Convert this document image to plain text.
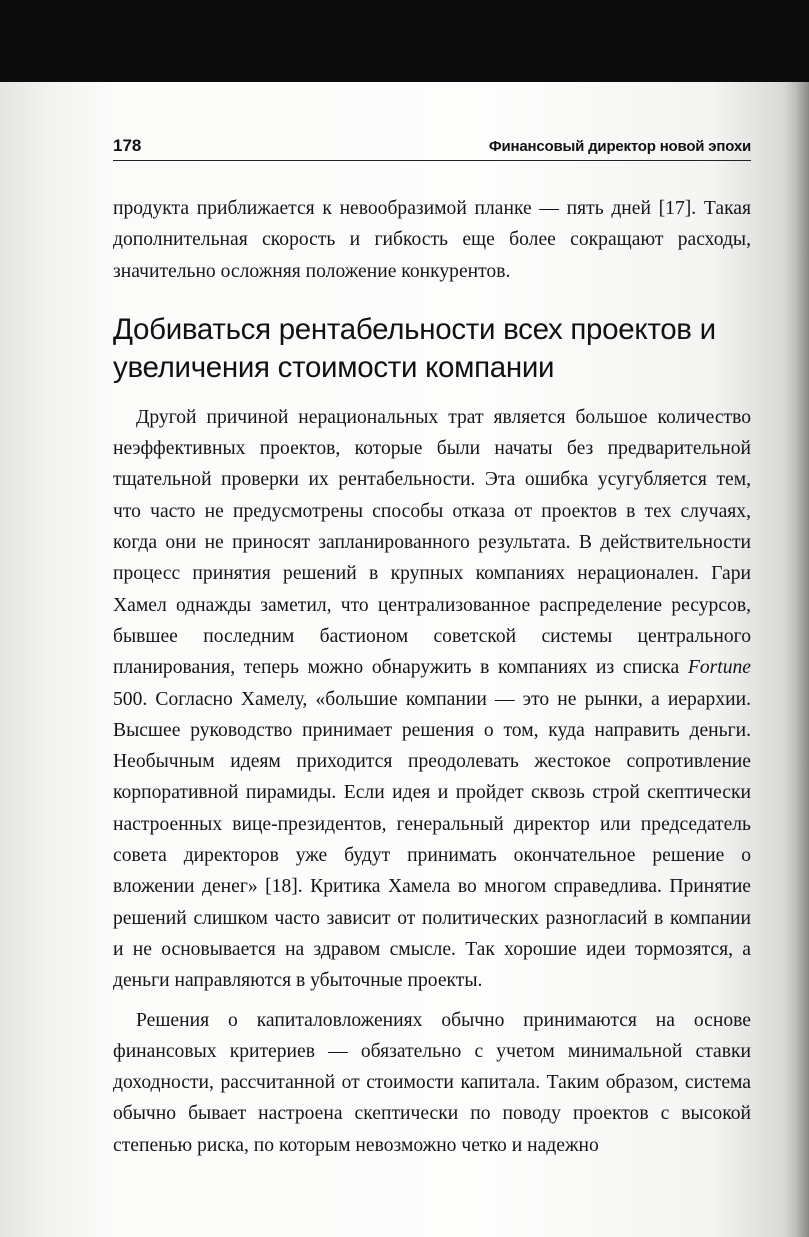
178	Финансовый директор новой эпохи

продукта приближается к невообразимой планке — пять дней [17]. Такая дополнительная скорость и гибкость еще более сокращают расходы, значительно осложняя положение конкурентов.

Добиваться рентабельности всех проектов и увеличения стоимости компании

Другой причиной нерациональных трат является большое количество неэффективных проектов, которые были начаты без предварительной тщательной проверки их рентабельности. Эта ошибка усугубляется тем, что часто не предусмотрены способы отказа от проектов в тех случаях, когда они не приносят запланированного результата. В действительности процесс принятия решений в крупных компаниях нерационален. Гари Хамел однажды заметил, что централизованное распределение ресурсов, бывшее последним бастионом советской системы центрального планирования, теперь можно обнаружить в компаниях из списка Fortune 500. Согласно Хамелу, «большие компании — это не рынки, а иерархии. Высшее руководство принимает решения о том, куда направить деньги. Необычным идеям приходится преодолевать жестокое сопротивление корпоративной пирамиды. Если идея и пройдет сквозь строй скептически настроенных вице-президентов, генеральный директор или председатель совета директоров уже будут принимать окончательное решение о вложении денег» [18]. Критика Хамела во многом справедлива. Принятие решений слишком часто зависит от политических разногласий в компании и не основывается на здравом смысле. Так хорошие идеи тормозятся, а деньги направляются в убыточные проекты.

Решения о капиталовложениях обычно принимаются на основе финансовых критериев — обязательно с учетом минимальной ставки доходности, рассчитанной от стоимости капитала. Таким образом, система обычно бывает настроена скептически по поводу проектов с высокой степенью риска, по которым невозможно четко и надежно
